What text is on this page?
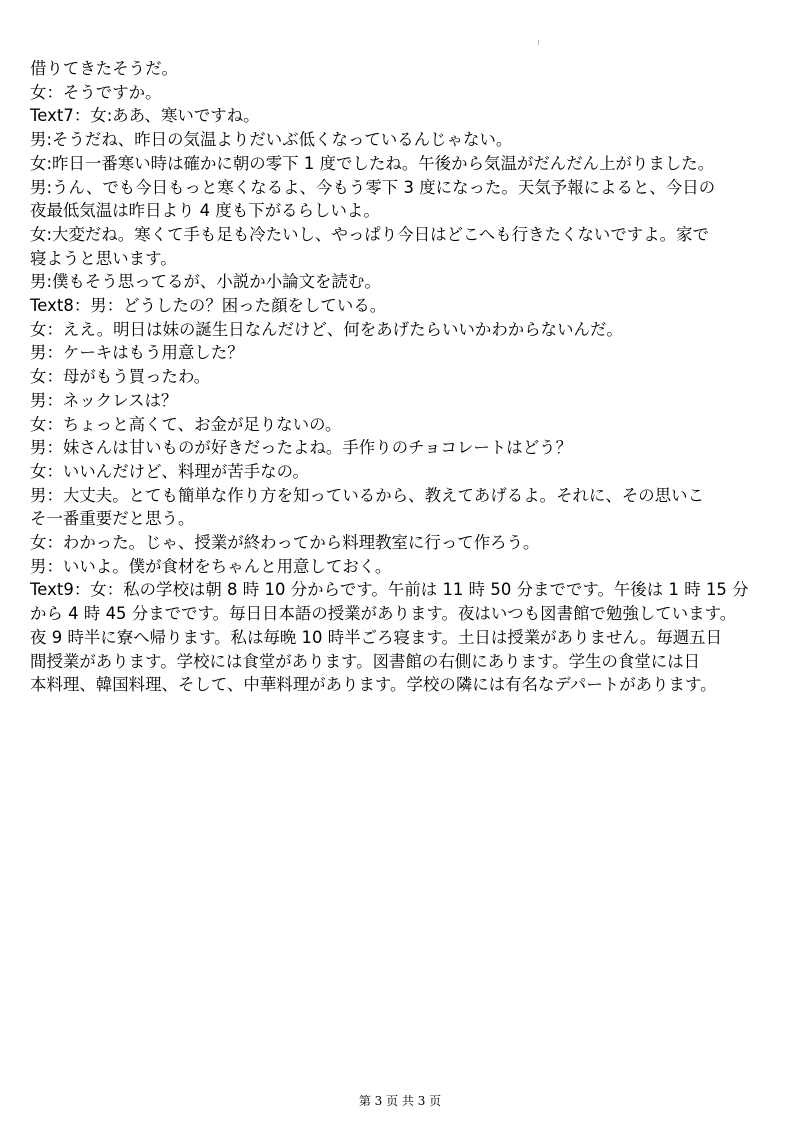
借りてきたそうだ。
女：そうですか。
Text7：女:ああ、寒いですね。
男:そうだね、昨日の気温よりだいぶ低くなっているんじゃない。
女:昨日一番寒い時は確かに朝の零下 1 度でしたね。午後から気温がだんだん上がりました。
男:うん、でも今日もっと寒くなるよ、今もう零下 3 度になった。天気予報によると、今日の
夜最低気温は昨日より 4 度も下がるらしいよ。
女:大変だね。寒くて手も足も冷たいし、やっぱり今日はどこへも行きたくないですよ。家で
寝ようと思います。
男:僕もそう思ってるが、小説か小論文を読む。
Text8：男：どうしたの？困った顔をしている。
女：ええ。明日は妹の誕生日なんだけど、何をあげたらいいかわからないんだ。
男：ケーキはもう用意した？
女：母がもう買ったわ。
男：ネックレスは？
女：ちょっと高くて、お金が足りないの。
男：妹さんは甘いものが好きだったよね。手作りのチョコレートはどう？
女：いいんだけど、料理が苦手なの。
男：大丈夫。とても簡単な作り方を知っているから、教えてあげるよ。それに、その思いこ
そ一番重要だと思う。
女：わかった。じゃ、授業が終わってから料理教室に行って作ろう。
男：いいよ。僕が食材をちゃんと用意しておく。
Text9：女：私の学校は朝 8 時 10 分からです。午前は 11 時 50 分までです。午後は 1 時 15 分
から 4 時 45 分までです。毎日日本語の授業があります。夜はいつも図書館で勉強しています。
夜 9 時半に寮へ帰ります。私は毎晩 10 時半ごろ寝ます。土日は授業がありません。毎週五日
間授業があります。学校には食堂があります。図書館の右側にあります。学生の食堂には日
本料理、韓国料理、そして、中華料理があります。学校の隣には有名なデパートがあります。
第 3 页 共 3 页
